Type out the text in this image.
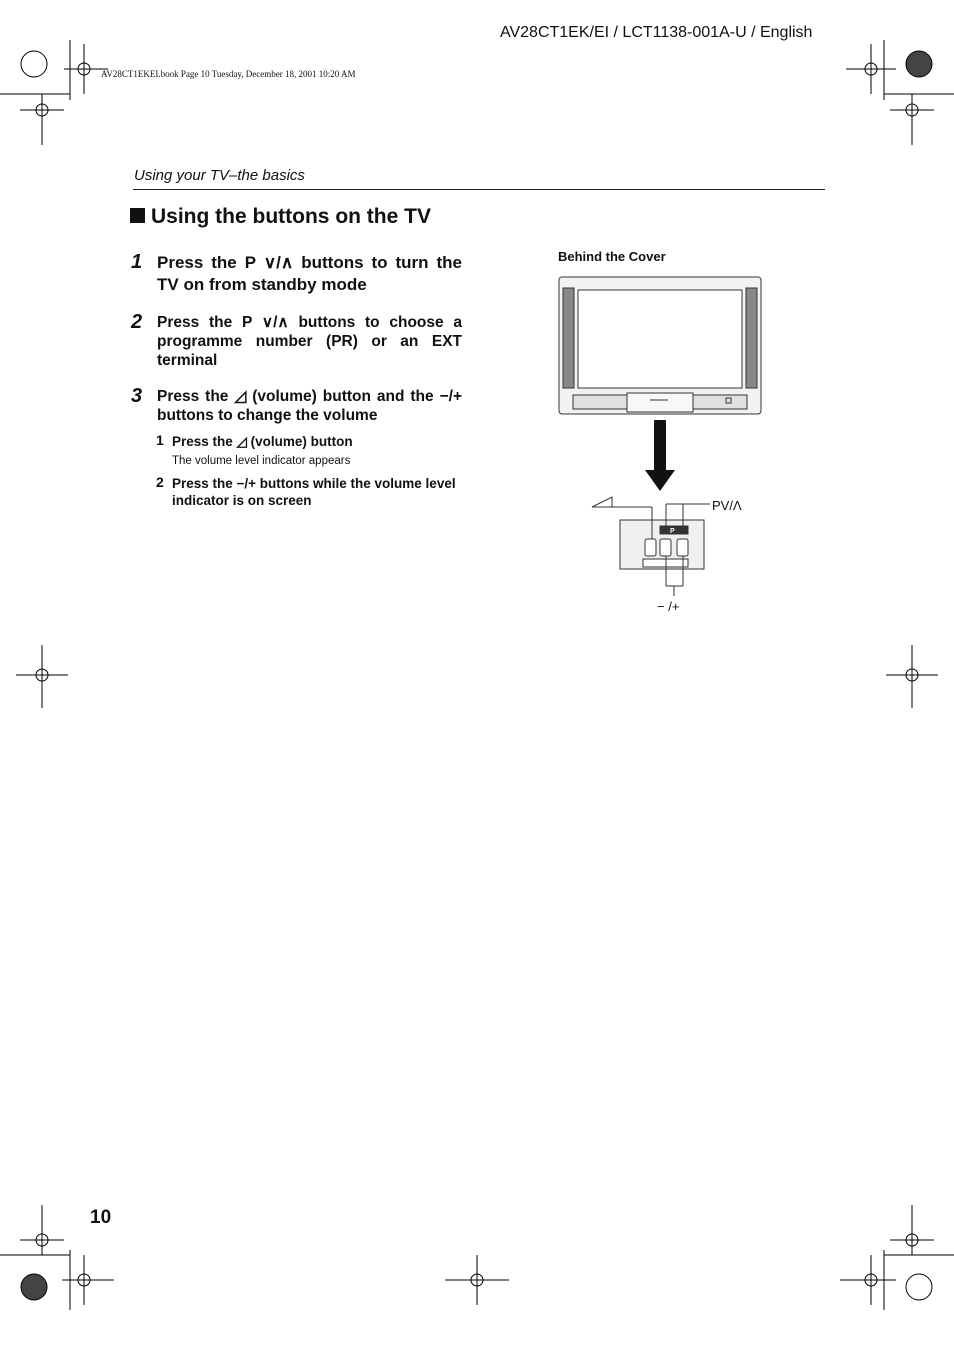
AV28CT1EK/EI / LCT1138-001A-U / English
AV28CT1EKEI.book Page 10 Tuesday, December 18, 2001 10:20 AM
Using your TV–the basics
Using the buttons on the TV
1 Press the P ∨/∧ buttons to turn the TV on from standby mode
2 Press the P ∨/∧ buttons to choose a programme number (PR) or an EXT terminal
3 Press the ◿ (volume) button and the −/+ buttons to change the volume
1 Press the ◿ (volume) button
The volume level indicator appears
2 Press the −/+ buttons while the volume level indicator is on screen
Behind the Cover
P
PV/Λ
− /+
10
